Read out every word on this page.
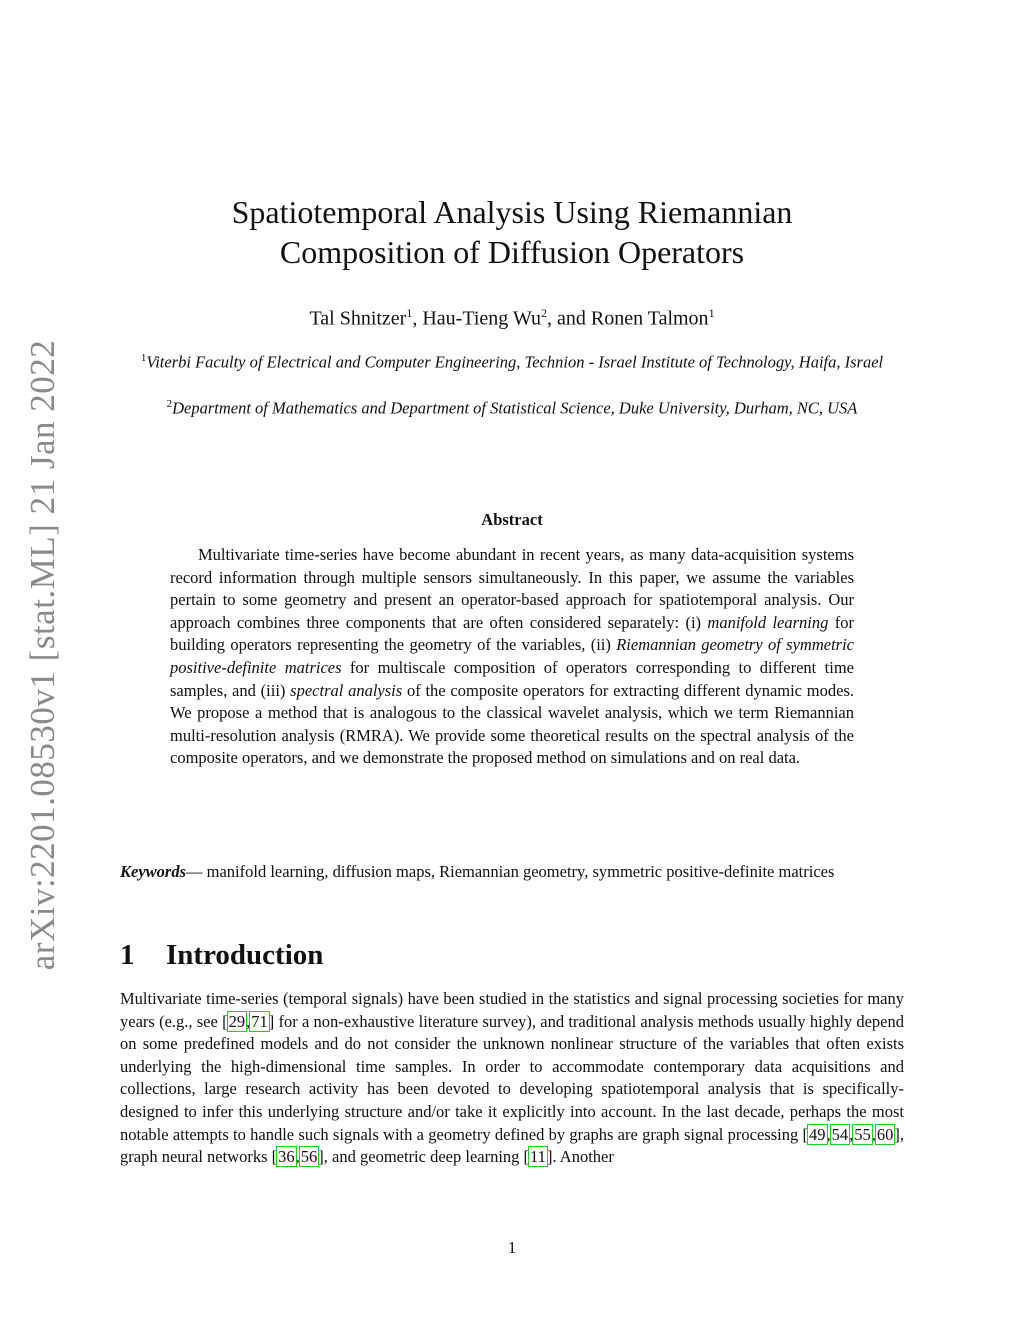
arXiv:2201.08530v1 [stat.ML] 21 Jan 2022
Spatiotemporal Analysis Using Riemannian
Composition of Diffusion Operators
Tal Shnitzer$^1$, Hau-Tieng Wu$^2$, and Ronen Talmon$^1$
$^1$Viterbi Faculty of Electrical and Computer Engineering, Technion - Israel Institute of Technology, Haifa, Israel
$^2$Department of Mathematics and Department of Statistical Science, Duke University, Durham, NC, USA
Abstract

Multivariate time-series have become abundant in recent years, as many data-acquisition systems record information through multiple sensors simultaneously. In this paper, we assume the variables pertain to some geometry and present an operator-based approach for spatiotemporal analysis. Our approach combines three components that are often considered separately: (i) manifold learning for building operators representing the geometry of the variables, (ii) Riemannian geometry of symmetric positive-definite matrices for multiscale composition of operators corresponding to different time samples, and (iii) spectral analysis of the composite operators for extracting different dynamic modes. We propose a method that is analogous to the classical wavelet analysis, which we term Riemannian multi-resolution analysis (RMRA). We provide some theoretical results on the spectral analysis of the composite operators, and we demonstrate the proposed method on simulations and on real data.

Keywords— manifold learning, diffusion maps, Riemannian geometry, symmetric positive-definite matrices

1 Introduction

Multivariate time-series (temporal signals) have been studied in the statistics and signal processing societies for many years (e.g., see [29,71] for a non-exhaustive literature survey), and traditional analysis methods usually highly depend on some predefined models and do not consider the unknown nonlinear structure of the variables that often exists underlying the high-dimensional time samples. In order to accommodate contemporary data acquisitions and collections, large research activity has been devoted to developing spatiotemporal analysis that is specifically-designed to infer this underlying structure and/or take it explicitly into account. In the last decade, perhaps the most notable attempts to handle such signals with a geometry defined by graphs are graph signal processing [49,54,55,60], graph neural networks [36,56], and geometric deep learning [11]. Another

1
